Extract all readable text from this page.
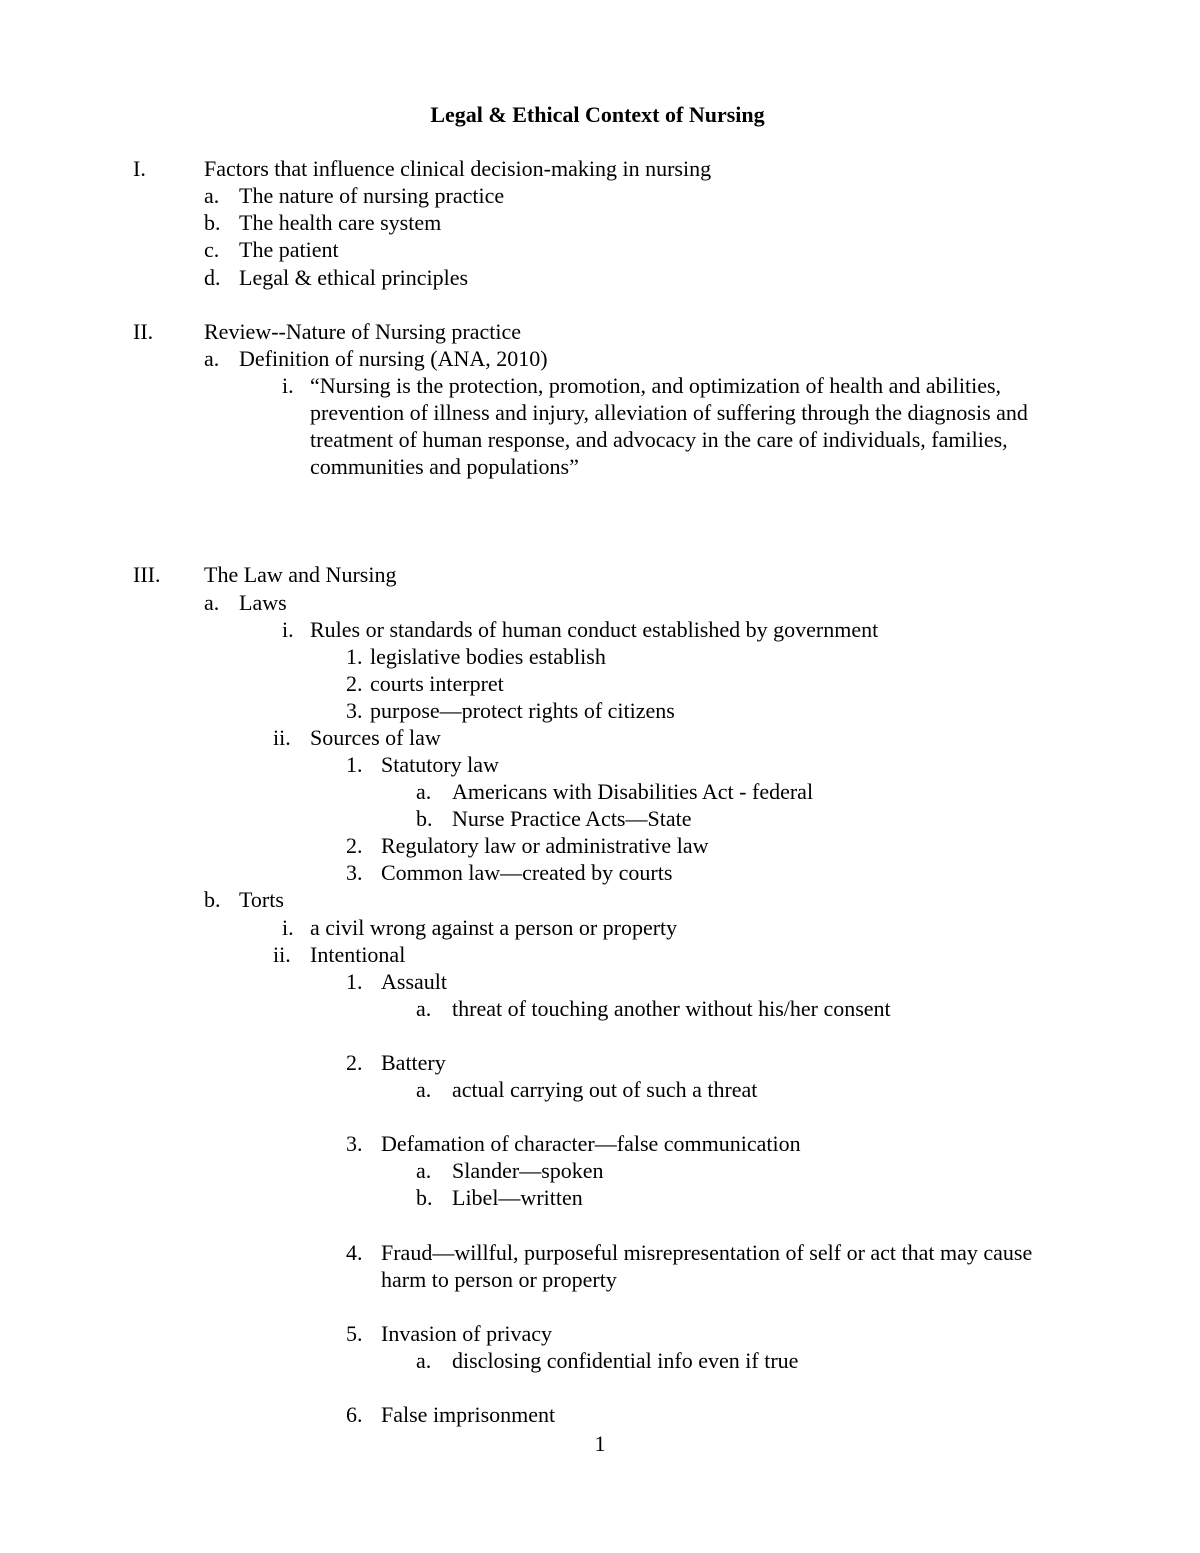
Legal & Ethical Context of Nursing
I.	Factors that influence clinical decision-making in nursing
a. The nature of nursing practice
b. The health care system
c. The patient
d. Legal & ethical principles
II. Review--Nature of Nursing practice
a. Definition of nursing (ANA, 2010)
i. “Nursing is the protection, promotion, and optimization of health and abilities,
prevention of illness and injury, alleviation of suffering through the diagnosis and
treatment of human response, and advocacy in the care of individuals, families,
communities and populations”
III. The Law and Nursing
a. Laws
i. Rules or standards of human conduct established by government
1. legislative bodies establish
2. courts interpret
3. purpose—protect rights of citizens
ii. Sources of law
1. Statutory law
a. Americans with Disabilities Act - federal
b. Nurse Practice Acts—State
2. Regulatory law or administrative law
3. Common law—created by courts
b. Torts
i. a civil wrong against a person or property
ii. Intentional
1. Assault
a. threat of touching another without his/her consent
2. Battery
a. actual carrying out of such a threat
3. Defamation of character—false communication
a. Slander—spoken
b. Libel—written
4. Fraud—willful, purposeful misrepresentation of self or act that may cause
harm to person or property
5. Invasion of privacy
a. disclosing confidential info even if true
6. False imprisonment
1
